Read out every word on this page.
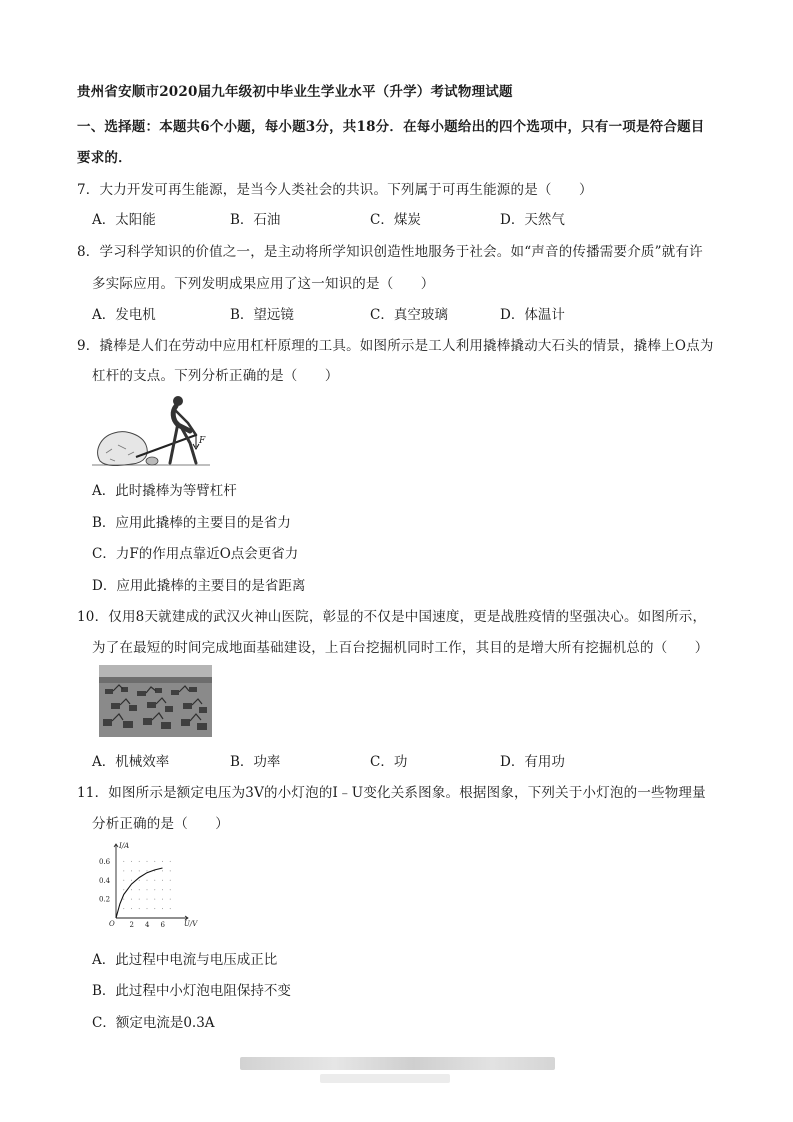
贵州省安顺市2020届九年级初中毕业生学业水平（升学）考试物理试题
一、选择题：本题共6个小题，每小题3分，共18分．在每小题给出的四个选项中，只有一项是符合题目
要求的．
7．大力开发可再生能源，是当今人类社会的共识。下列属于可再生能源的是（　　）
A．太阳能	B．石油	C．煤炭	D．天然气
8．学习科学知识的价值之一，是主动将所学知识创造性地服务于社会。如“声音的传播需要介质”就有许
多实际应用。下列发明成果应用了这一知识的是（　　）
A．发电机	B．望远镜	C．真空玻璃	D．体温计
9．撬棒是人们在劳动中应用杠杆原理的工具。如图所示是工人利用撬棒撬动大石头的情景，撬棒上O点为
杠杆的支点。下列分析正确的是（　　）
F
A．此时撬棒为等臂杠杆
B．应用此撬棒的主要目的是省力
C．力F的作用点靠近O点会更省力
D．应用此撬棒的主要目的是省距离
10．仅用8天就建成的武汉火神山医院，彰显的不仅是中国速度，更是战胜疫情的坚强决心。如图所示，
为了在最短的时间完成地面基础建设，上百台挖掘机同时工作，其目的是增大所有挖掘机总的（　　）
A．机械效率	B．功率	C．功	D．有用功
11．如图所示是额定电压为3V的小灯泡的I﹣U变化关系图象。根据图象，下列关于小灯泡的一些物理量
分析正确的是（　　）
2 4 6
0.2
0.4
0.6
O	U/V
I/A
A．此过程中电流与电压成正比
B．此过程中小灯泡电阻保持不变
C．额定电流是0.3A
